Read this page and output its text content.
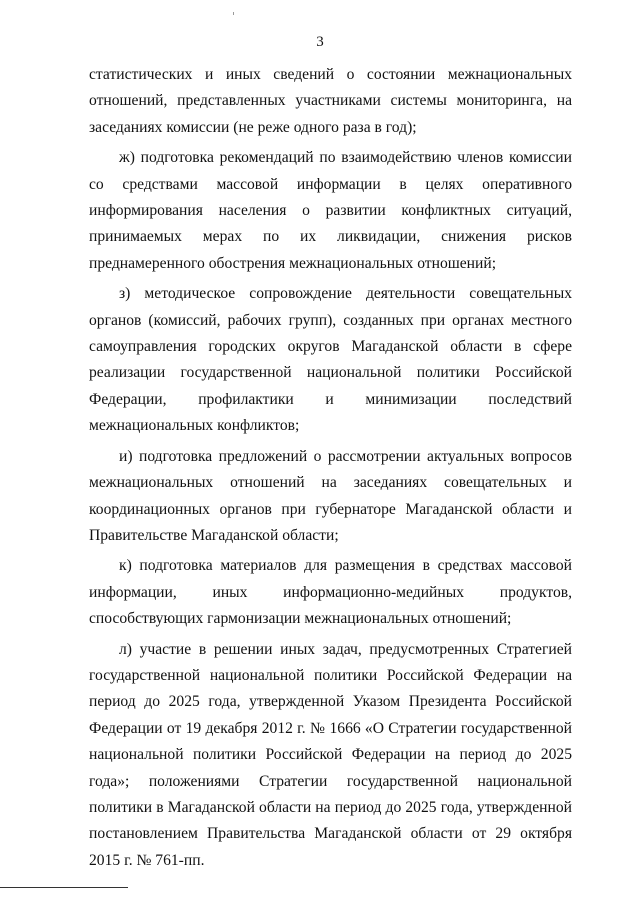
3

статистических и иных сведений о состоянии межнациональных отношений, представленных участниками системы мониторинга, на заседаниях комиссии (не реже одного раза в год);

ж) подготовка рекомендаций по взаимодействию членов комиссии со средствами массовой информации в целях оперативного информирования населения о развитии конфликтных ситуаций, принимаемых мерах по их ликвидации, снижения рисков преднамеренного обострения межнациональных отношений;

з) методическое сопровождение деятельности совещательных органов (комиссий, рабочих групп), созданных при органах местного самоуправления городских округов Магаданской области в сфере реализации государственной национальной политики Российской Федерации, профилактики и минимизации последствий межнациональных конфликтов;

и) подготовка предложений о рассмотрении актуальных вопросов межнациональных отношений на заседаниях совещательных и координационных органов при губернаторе Магаданской области и Правительстве Магаданской области;

к) подготовка материалов для размещения в средствах массовой информации, иных информационно-медийных продуктов, способствующих гармонизации межнациональных отношений;

л) участие в решении иных задач, предусмотренных Стратегией государственной национальной политики Российской Федерации на период до 2025 года, утвержденной Указом Президента Российской Федерации от 19 декабря 2012 г. № 1666 «О Стратегии государственной национальной политики Российской Федерации на период до 2025 года»; положениями Стратегии государственной национальной политики в Магаданской области на период до 2025 года, утвержденной постановлением Правительства Магаданской области от 29 октября 2015 г. № 761-пп.
